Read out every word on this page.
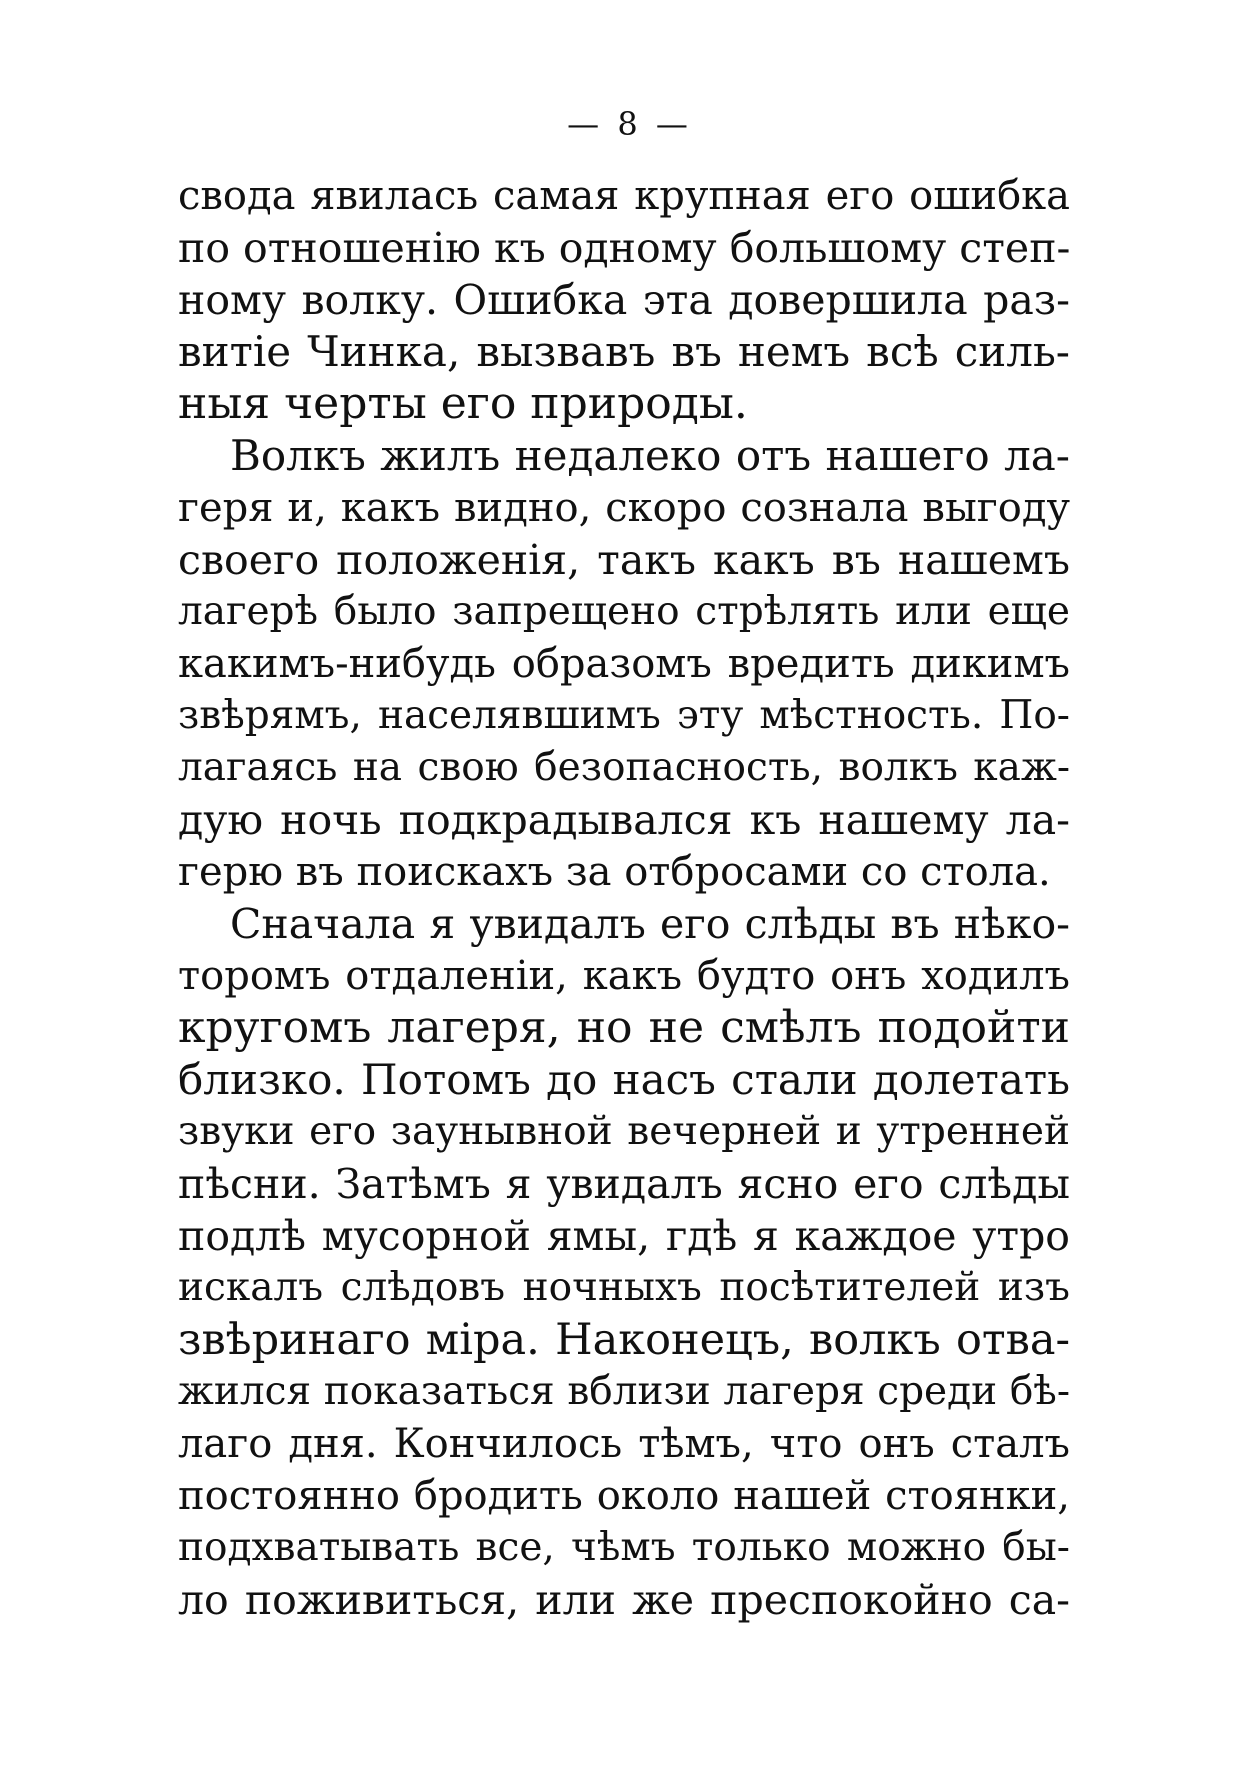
— 8 —
свода явилась самая крупная его ошибка
по отношенію къ одному большому степ-
ному волку. Ошибка эта довершила раз-
витіе Чинка, вызвавъ въ немъ всѣ силь-
ныя черты его природы.
Волкъ жилъ недалеко отъ нашего ла-
геря и, какъ видно, скоро сознала выгоду
своего положенія, такъ какъ въ нашемъ
лагерѣ было запрещено стрѣлять или еще
какимъ-нибудь образомъ вредить дикимъ
звѣрямъ, населявшимъ эту мѣстность. По-
лагаясь на свою безопасность, волкъ каж-
дую ночь подкрадывался къ нашему ла-
герю въ поискахъ за отбросами со стола.
Сначала я увидалъ его слѣды въ нѣко-
торомъ отдаленіи, какъ будто онъ ходилъ
кругомъ лагеря, но не смѣлъ подойти
близко. Потомъ до насъ стали долетать
звуки его заунывной вечерней и утренней
пѣсни. Затѣмъ я увидалъ ясно его слѣды
подлѣ мусорной ямы, гдѣ я каждое утро
искалъ слѣдовъ ночныхъ посѣтителей изъ
звѣринаго міра. Наконецъ, волкъ отва-
жился показаться вблизи лагеря среди бѣ-
лаго дня. Кончилось тѣмъ, что онъ сталъ
постоянно бродить около нашей стоянки,
подхватывать все, чѣмъ только можно бы-
ло поживиться, или же преспокойно са-
